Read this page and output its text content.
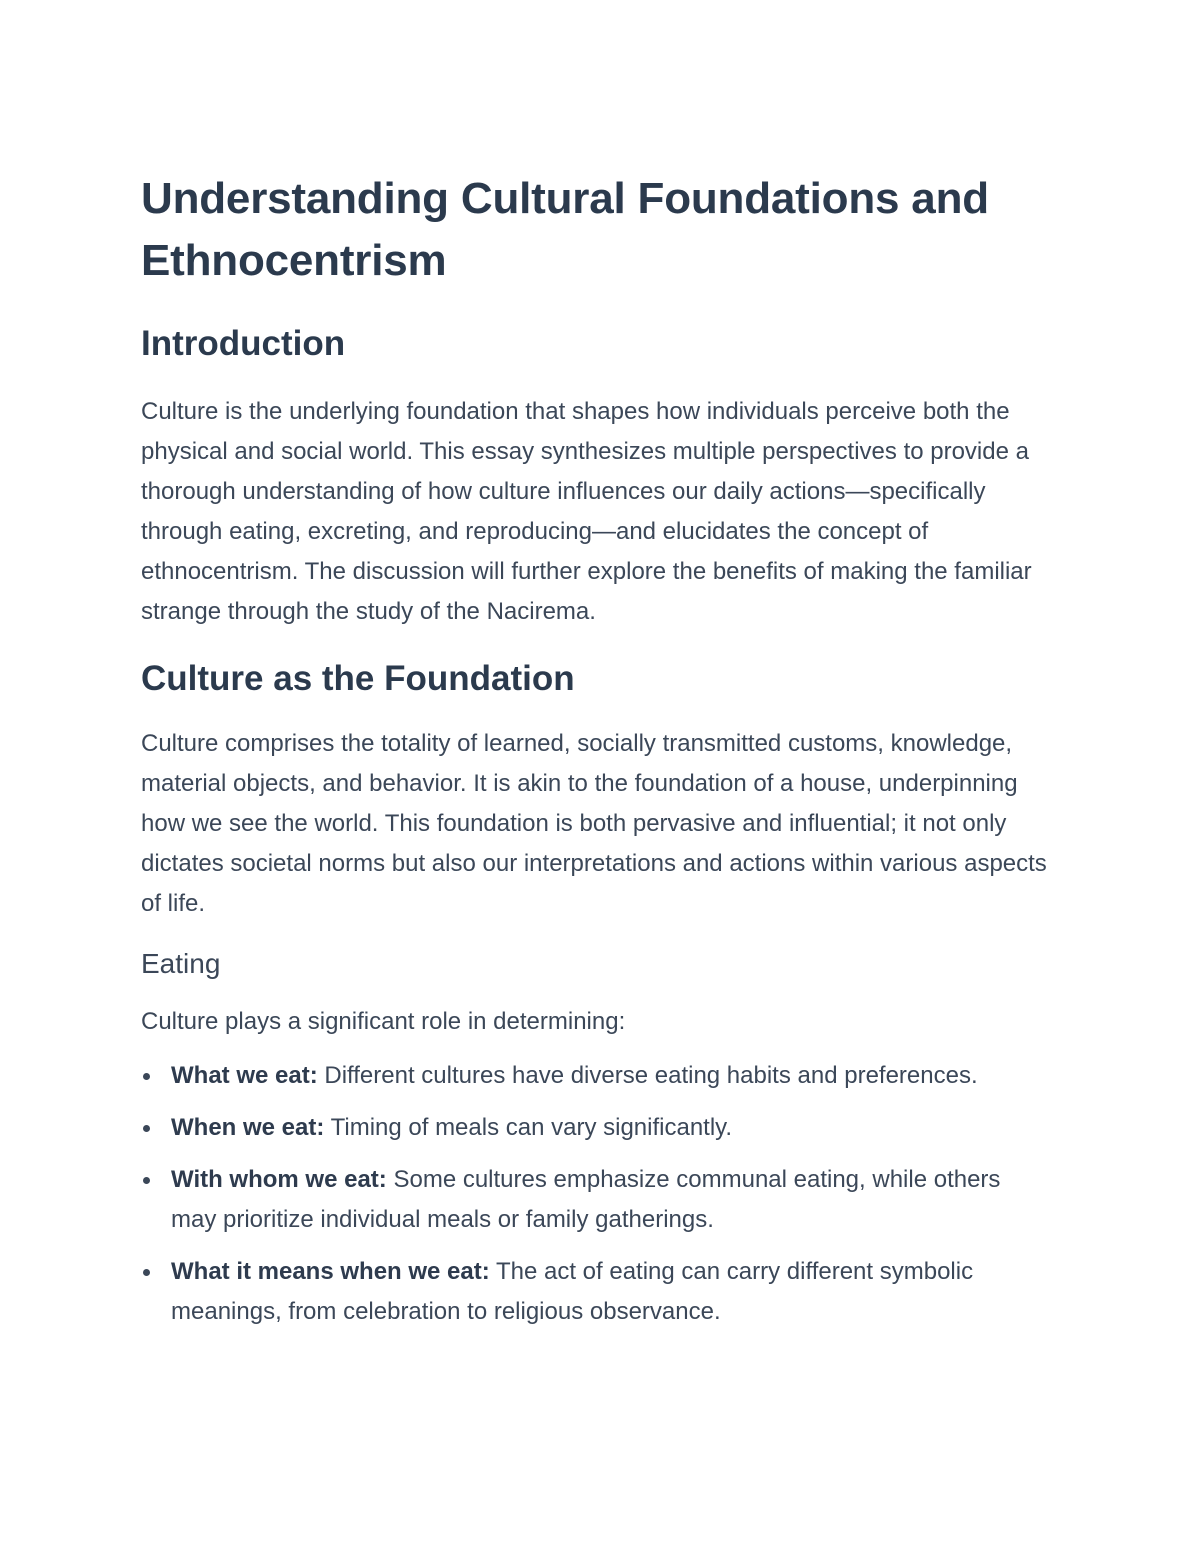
Understanding Cultural Foundations and Ethnocentrism
Introduction

Culture is the underlying foundation that shapes how individuals perceive both the physical and social world. This essay synthesizes multiple perspectives to provide a thorough understanding of how culture influences our daily actions—specifically through eating, excreting, and reproducing—and elucidates the concept of ethnocentrism. The discussion will further explore the benefits of making the familiar strange through the study of the Nacirema.

Culture as the Foundation

Culture comprises the totality of learned, socially transmitted customs, knowledge, material objects, and behavior. It is akin to the foundation of a house, underpinning how we see the world. This foundation is both pervasive and influential; it not only dictates societal norms but also our interpretations and actions within various aspects of life.

Eating

Culture plays a significant role in determining:

What we eat: Different cultures have diverse eating habits and preferences.
When we eat: Timing of meals can vary significantly.
With whom we eat: Some cultures emphasize communal eating, while others may prioritize individual meals or family gatherings.
What it means when we eat: The act of eating can carry different symbolic meanings, from celebration to religious observance.
